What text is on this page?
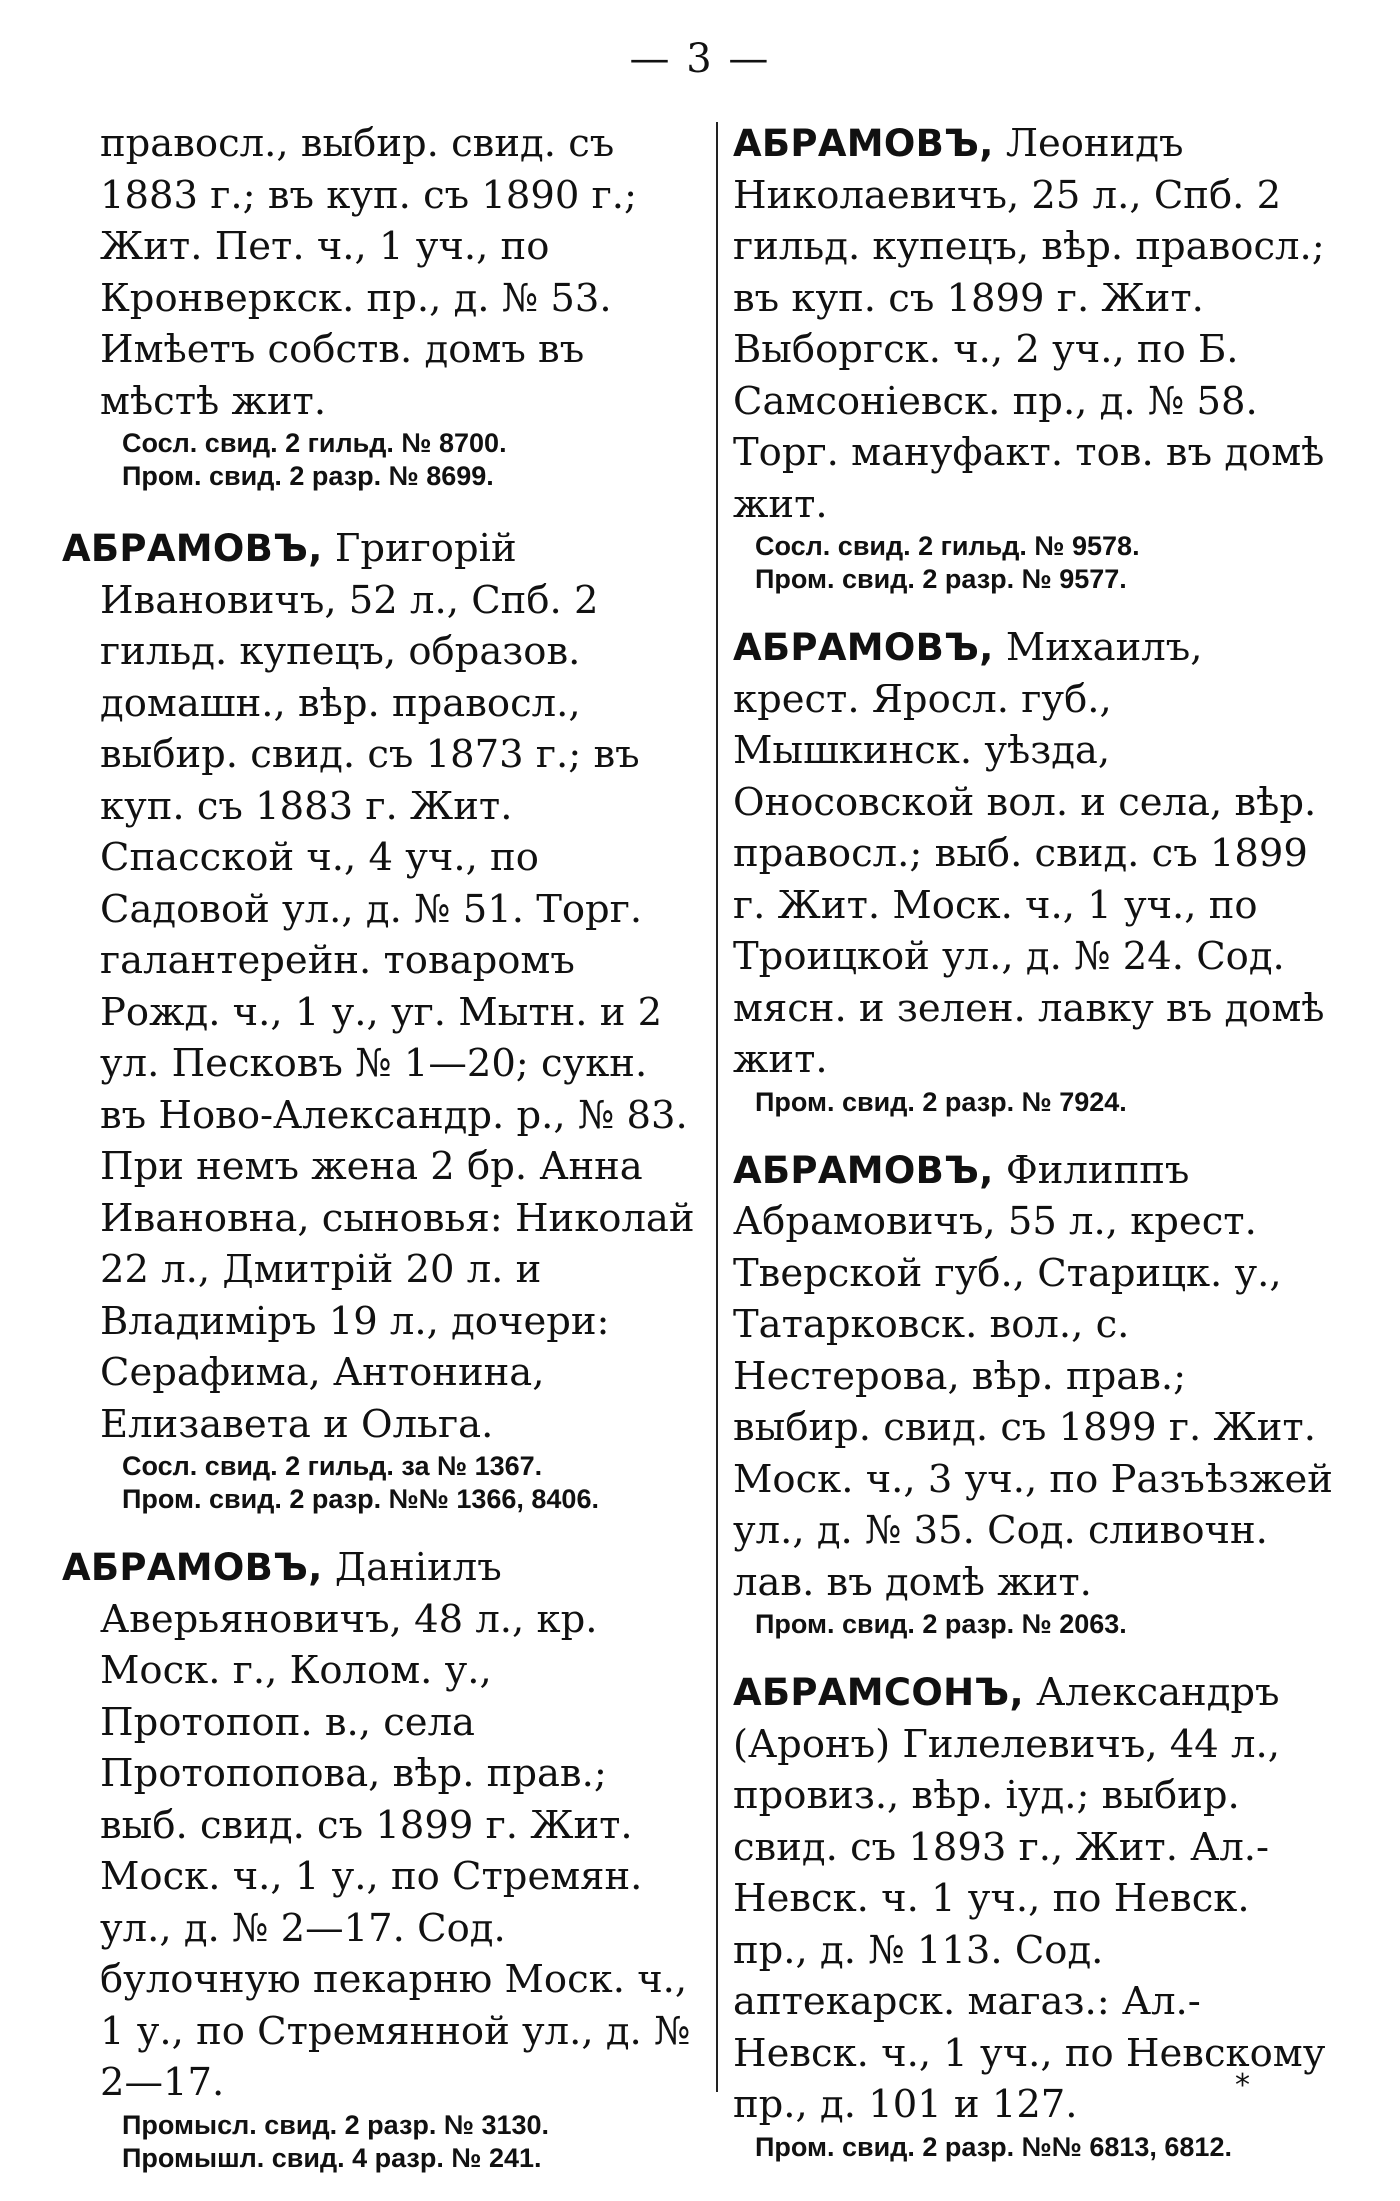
— 3 —
правосл., выбир. свид. съ 1883 г.; въ куп. съ 1890 г.; Жит. Пет. ч., 1 уч., по Кронверкск. пр., д. № 53. Имѣетъ собств. домъ въ мѣстѣ жит.
Сосл. свид. 2 гильд. № 8700.
Пром. свид. 2 разр. № 8699.
АБРАМОВЪ, Григорій Ивановичъ, 52 л., Спб. 2 гильд. купецъ, образов. домашн., вѣр. правосл., выбир. свид. съ 1873 г.; въ куп. съ 1883 г. Жит. Спасской ч., 4 уч., по Садовой ул., д. № 51. Торг. галантерейн. товаромъ Рожд. ч., 1 у., уг. Мытн. и 2 ул. Песковъ № 1—20; сукн. въ Ново-Александр. р., № 83. При немъ жена 2 бр. Анна Ивановна, сыновья: Николай 22 л., Дмитрій 20 л. и Владиміръ 19 л., дочери: Серафима, Антонина, Елизавета и Ольга.
Сосл. свид. 2 гильд. за № 1367.
Пром. свид. 2 разр. №№ 1366, 8406.
АБРАМОВЪ, Даніилъ Аверьяновичъ, 48 л., кр. Моск. г., Колом. у., Протопоп. в., села Протопопова, вѣр. прав.; выб. свид. съ 1899 г. Жит. Моск. ч., 1 у., по Стремян. ул., д. № 2—17. Сод. булочную пекарню Моск. ч., 1 у., по Стремянной ул., д. № 2—17.
Промысл. свид. 2 разр. № 3130.
Промышл. свид. 4 разр. № 241.
АБРАМОВЪ, Леонидъ Николаевичъ, 25 л., Спб. 2 гильд. купецъ, вѣр. правосл.; въ куп. съ 1899 г. Жит. Выборгск. ч., 2 уч., по Б. Самсоніевск. пр., д. № 58. Торг. мануфакт. тов. въ домѣ жит.
Сосл. свид. 2 гильд. № 9578.
Пром. свид. 2 разр. № 9577.
АБРАМОВЪ, Михаилъ, крест. Яросл. губ., Мышкинск. уѣзда, Оносовской вол. и села, вѣр. правосл.; выб. свид. съ 1899 г. Жит. Моск. ч., 1 уч., по Троицкой ул., д. № 24. Сод. мясн. и зелен. лавку въ домѣ жит.
Пром. свид. 2 разр. № 7924.
АБРАМОВЪ, Филиппъ Абрамовичъ, 55 л., крест. Тверской губ., Старицк. у., Татарковск. вол., с. Нестерова, вѣр. прав.; выбир. свид. съ 1899 г. Жит. Моск. ч., 3 уч., по Разъѣзжей ул., д. № 35. Сод. сливочн. лав. въ домѣ жит.
Пром. свид. 2 разр. № 2063.
АБРАМСОНЪ, Александръ (Аронъ) Гилелевичъ, 44 л., провиз., вѣр. іуд.; выбир. свид. съ 1893 г., Жит. Ал.-Невск. ч. 1 уч., по Невск. пр., д. № 113. Сод. аптекарск. магаз.: Ал.-Невск. ч., 1 уч., по Невскому пр., д. 101 и 127.
Пром. свид. 2 разр. №№ 6813, 6812.
*
